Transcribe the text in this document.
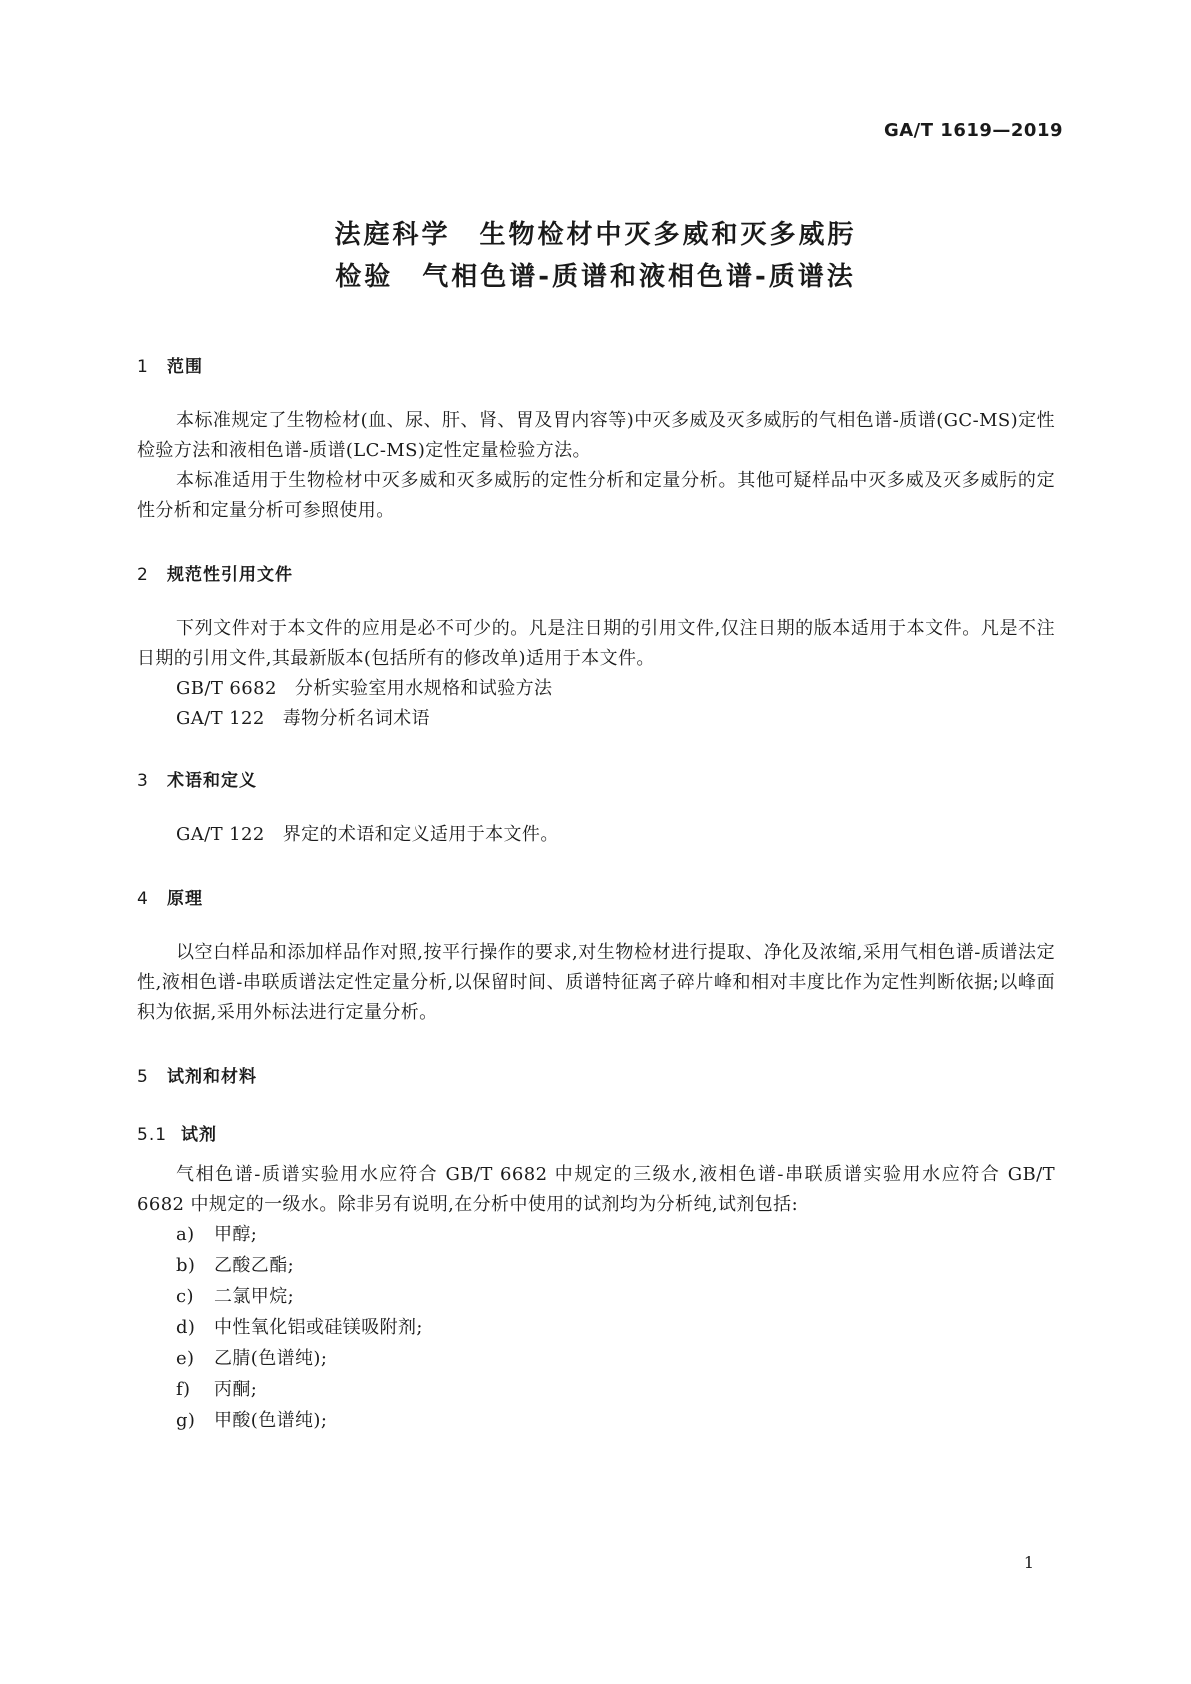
GA/T 1619—2019
法庭科学　生物检材中灭多威和灭多威肟
检验　气相色谱-质谱和液相色谱-质谱法
1 范围

本标准规定了生物检材(血、尿、肝、肾、胃及胃内容等)中灭多威及灭多威肟的气相色谱-质谱(GC-MS)定性检验方法和液相色谱-质谱(LC-MS)定性定量检验方法。

本标准适用于生物检材中灭多威和灭多威肟的定性分析和定量分析。其他可疑样品中灭多威及灭多威肟的定性分析和定量分析可参照使用。

2 规范性引用文件

下列文件对于本文件的应用是必不可少的。凡是注日期的引用文件,仅注日期的版本适用于本文件。凡是不注日期的引用文件,其最新版本(包括所有的修改单)适用于本文件。

GB/T 6682 分析实验室用水规格和试验方法
GA/T 122 毒物分析名词术语
3 术语和定义
GA/T 122 界定的术语和定义适用于本文件。
4 原理

以空白样品和添加样品作对照,按平行操作的要求,对生物检材进行提取、净化及浓缩,采用气相色谱-质谱法定性,液相色谱-串联质谱法定性定量分析,以保留时间、质谱特征离子碎片峰和相对丰度比作为定性判断依据;以峰面积为依据,采用外标法进行定量分析。

5 试剂和材料
5.1 试剂

气相色谱-质谱实验用水应符合 GB/T 6682 中规定的三级水,液相色谱-串联质谱实验用水应符合 GB/T 6682 中规定的一级水。除非另有说明,在分析中使用的试剂均为分析纯,试剂包括:

a) 甲醇;
b) 乙酸乙酯;
c) 二氯甲烷;
d) 中性氧化铝或硅镁吸附剂;
e) 乙腈(色谱纯);
f) 丙酮;
g) 甲酸(色谱纯);
1
